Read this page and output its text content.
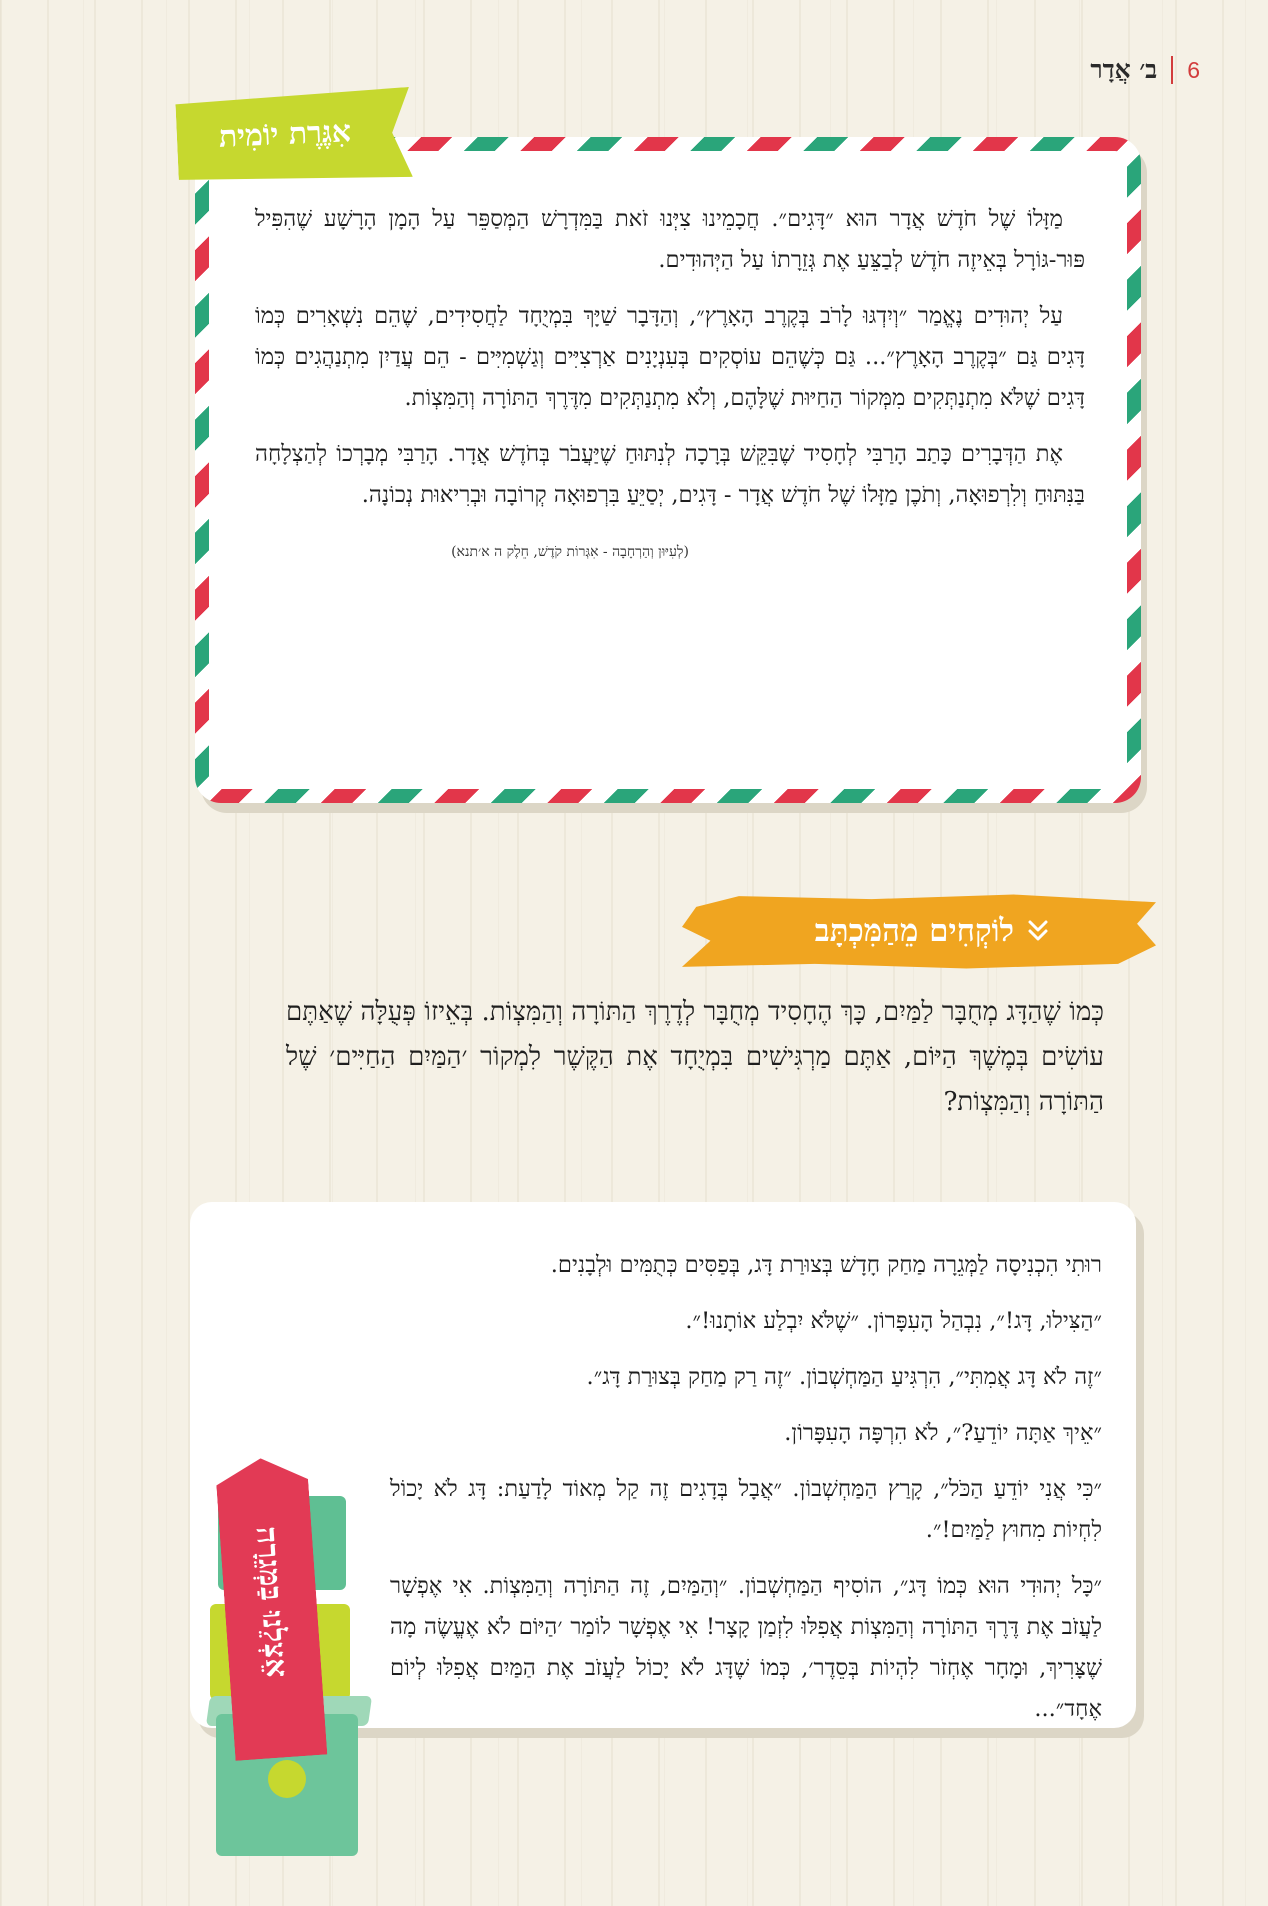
6
ב׳ אֲדָר

מַזָּלוֹ שֶׁל חֹדֶשׁ אֲדָר הוּא ״דָּגִים״. חֲכָמֵינוּ צִיְּנוּ זֹאת בַּמִּדְרָשׁ הַמְּסַפֵּר עַל הָמָן הָרָשָׁע שֶׁהִפִּיל פּוּר-גּוֹרָל בְּאֵיזֶה חֹדֶשׁ לְבַצֵּעַ אֶת גְּזֵרָתוֹ עַל הַיְּהוּדִים.

עַל יְהוּדִים נֶאֱמַר ״וְיִדְגּוּ לָרֹב בְּקֶרֶב הָאָרֶץ״, וְהַדָּבָר שַׁיָּךְ בִּמְיֻחָד לַחֲסִידִים, שֶׁהֵם נִשְׁאָרִים כְּמוֹ דָּגִים גַּם ״בְּקֶרֶב הָאָרֶץ״... גַּם כְּשֶׁהֵם עוֹסְקִים בְּעִנְיָנִים אַרְצִיִּים וְגַשְׁמִיִּים - הֵם עֲדַיִן מִתְנַהֲגִים כְּמוֹ דָּגִים שֶׁלֹּא מִתְנַתְּקִים מִמְּקוֹר הַחַיּוּת שֶׁלָּהֶם, וְלֹא מִתְנַתְּקִים מִדֶּרֶךְ הַתּוֹרָה וְהַמִּצְוֹת.

אֶת הַדְּבָרִים כָּתַב הָרַבִּי לְחָסִיד שֶׁבִּקֵּשׁ בְּרָכָה לְנִתּוּחַ שֶׁיַּעֲבֹר בְּחֹדֶשׁ אֲדָר. הָרַבִּי מְבָרְכוֹ לְהַצְלָחָה בַּנִּתּוּחַ וְלִרְפוּאָה, וְתֹכֶן מַזָּלוֹ שֶׁל חֹדֶשׁ אֲדָר - דָּגִים, יְסַיֵּעַ בִּרְפוּאָה קְרוֹבָה וּבְרִיאוּת נְכוֹנָה.

(לְעִיּוּן וְהַרְחָבָה - אִגְּרוֹת קֹדֶשׁ, חֵלֶק ה א׳תנא)
אִגֶּרֶת יוֹמִית
לוֹקְחִים מֵהַמִּכְתָּב
כְּמוֹ שֶׁהַדָּג מְחֻבָּר לַמַּיִם, כָּךְ הֶחָסִיד מְחֻבָּר לְדֶרֶךְ הַתּוֹרָה וְהַמִּצְוֹת. בְּאֵיזוֹ פְּעֻלָּה שֶׁאַתֶּם עוֹשִׂים בְּמֶשֶׁךְ הַיּוֹם, אַתֶּם מַרְגִּישִׁים בִּמְיֻחָד אֶת הַקֶּשֶׁר לִמְקוֹר ׳הַמַּיִם הַחַיִּים׳ שֶׁל הַתּוֹרָה וְהַמִּצְוֹת?

רוּתִי הִכְנִיסָה לַמְּגֵרָה מַחַק חָדָשׁ בְּצוּרַת דָּג, בְּפַסִּים כְּתֻמִּים וּלְבָנִים.

״הַצִּילוּ, דָּג!״, נִבְהַל הָעִפָּרוֹן. ״שֶׁלֹּא יִבְלַע אוֹתָנוּ!״.

״זֶה לֹא דָּג אֲמִתִּי״, הִרְגִּיעַ הַמַּחְשְׁבוֹן. ״זֶה רַק מַחַק בְּצוּרַת דָּג״.

״אֵיךְ אַתָּה יוֹדֵעַ?״, לֹא הִרְפָּה הָעִפָּרוֹן.

״כִּי אֲנִי יוֹדֵעַ הַכֹּל״, קָרַץ הַמַּחְשְׁבוֹן. ״אֲבָל בְּדָגִים זֶה קַל מְאוֹד לָדַעַת: דָּג לֹא יָכוֹל לִחְיוֹת מִחוּץ לַמַּיִם!״.

״כָּל יְהוּדִי הוּא כְּמוֹ דָּג״, הוֹסִיף הַמַּחְשְׁבוֹן. ״וְהַמַּיִם, זֶה הַתּוֹרָה וְהַמִּצְוֹת. אִי אֶפְשָׁר לַעֲזֹב אֶת דֶּרֶךְ הַתּוֹרָה וְהַמִּצְוֹת אֲפִלּוּ לִזְמַן קָצָר! אִי אֶפְשָׁר לוֹמַר ׳הַיּוֹם לֹא אֶעֱשֶׂה מָה שֶׁצָּרִיךְ, וּמָחָר אֶחְזֹר לִהְיוֹת בְּסֵדֶר׳, כְּמוֹ שֶׁדָּג לֹא יָכוֹל לַעֲזֹב אֶת הַמַּיִם אֲפִלּוּ לְיוֹם אֶחָד״...

אֵצְלֵנוּ בַּמְּגֵרָה
